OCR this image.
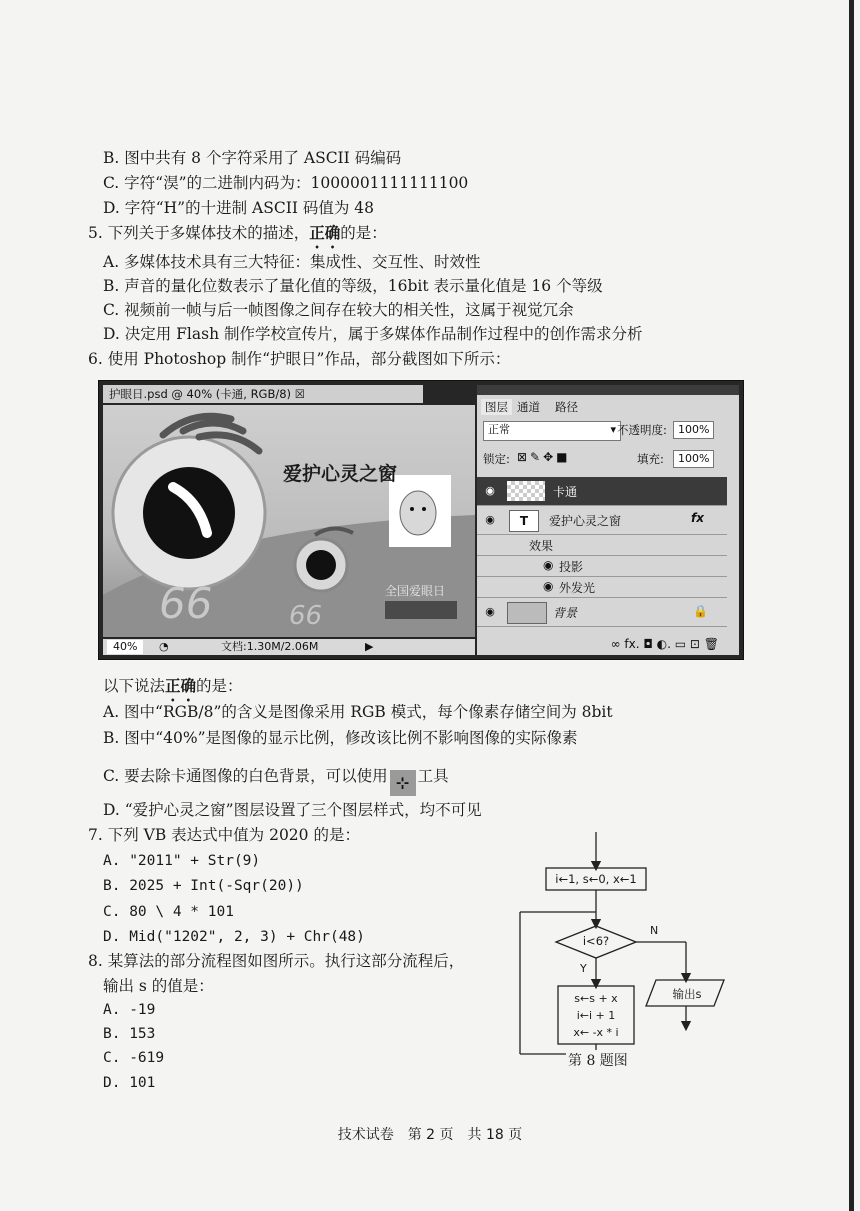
B. 图中共有 8 个字符采用了 ASCII 码编码
C. 字符“淏”的二进制内码为：1000001111111100
D. 字符“H”的十进制 ASCII 码值为 48
5. 下列关于多媒体技术的描述，正确的是：
A. 多媒体技术具有三大特征：集成性、交互性、时效性
B. 声音的量化位数表示了量化值的等级，16bit 表示量化值是 16 个等级
C. 视频前一帧与后一帧图像之间存在较大的相关性，这属于视觉冗余
D. 决定用 Flash 制作学校宣传片，属于多媒体作品制作过程中的创作需求分析
6. 使用 Photoshop 制作“护眼日”作品，部分截图如下所示：
护眼日.psd @ 40% (卡通, RGB/8) ☒
爱护心灵之窗
66	66
全国爱眼日
40%	◔	文档:1.30M/2.06M	▶
图层 通道	路径
正常	▾ 不透明度:	100%
锁定: ⊠✎✥■	填充:	100%
◉	卡通
◉	T	爱护心灵之窗	fx
效果
◉ 投影
◉ 外发光
◉	背景	🔒
∞ fx. ◘ ◐. ▭ ⊡ 🗑
以下说法正确的是：
A. 图中“RGB/8”的含义是图像采用 RGB 模式，每个像素存储空间为 8bit
B. 图中“40%”是图像的显示比例，修改该比例不影响图像的实际像素
C. 要去除卡通图像的白色背景，可以使用 ⊹ 工具
D. “爱护心灵之窗”图层设置了三个图层样式，均不可见
7. 下列 VB 表达式中值为 2020 的是：
A. "2011" + Str(9)
B. 2025 + Int(-Sqr(20))
C. 80 \ 4 * 101
D. Mid("1202", 2, 3) + Chr(48)
8. 某算法的部分流程图如图所示。执行这部分流程后，
输出 s 的值是：
A. -19
B. 153
C. -619
D. 101
i←1, s←0, x←1
i<6?
Y
N
s←s + x
i←i + 1
x← -x * i
输出s
第 8 题图
技术试卷　第 2 页　共 18 页
